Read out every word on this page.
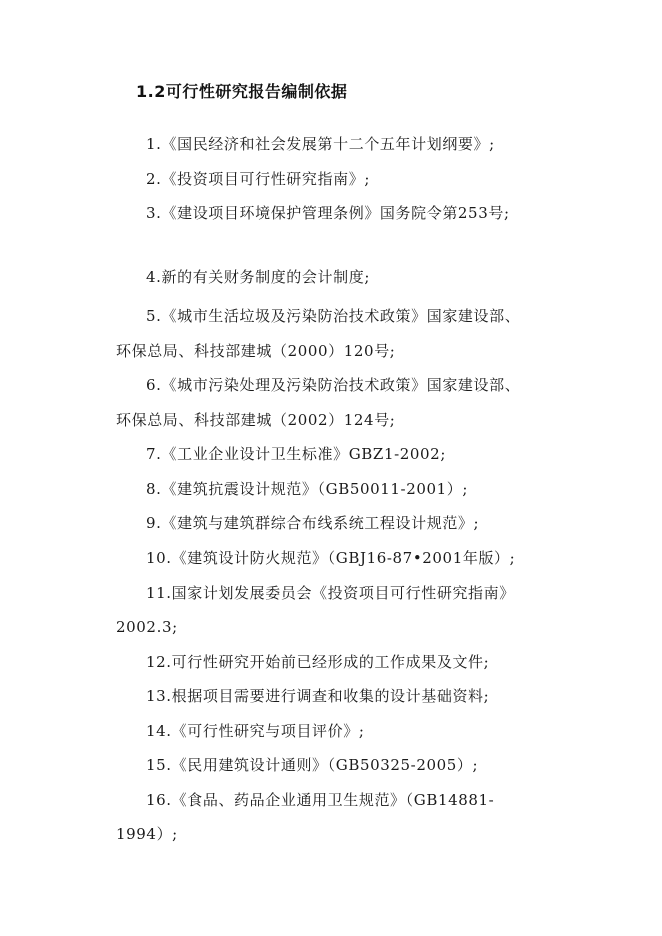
1.2可行性研究报告编制依据
1.《国民经济和社会发展第十二个五年计划纲要》;
2.《投资项目可行性研究指南》;
3.《建设项目环境保护管理条例》国务院令第253号;
4.新的有关财务制度的会计制度;
5.《城市生活垃圾及污染防治技术政策》国家建设部、
环保总局、科技部建城（2000）120号;
6.《城市污染处理及污染防治技术政策》国家建设部、
环保总局、科技部建城（2002）124号;
7.《工业企业设计卫生标准》GBZ1-2002;
8.《建筑抗震设计规范》（GB50011-2001）;
9.《建筑与建筑群综合布线系统工程设计规范》;
10.《建筑设计防火规范》（GBJ16-87•2001年版）;
11.国家计划发展委员会《投资项目可行性研究指南》
2002.3;
12.可行性研究开始前已经形成的工作成果及文件;
13.根据项目需要进行调查和收集的设计基础资料;
14.《可行性研究与项目评价》;
15.《民用建筑设计通则》（GB50325-2005）;
16.《食品、药品企业通用卫生规范》（GB14881-
1994）;
